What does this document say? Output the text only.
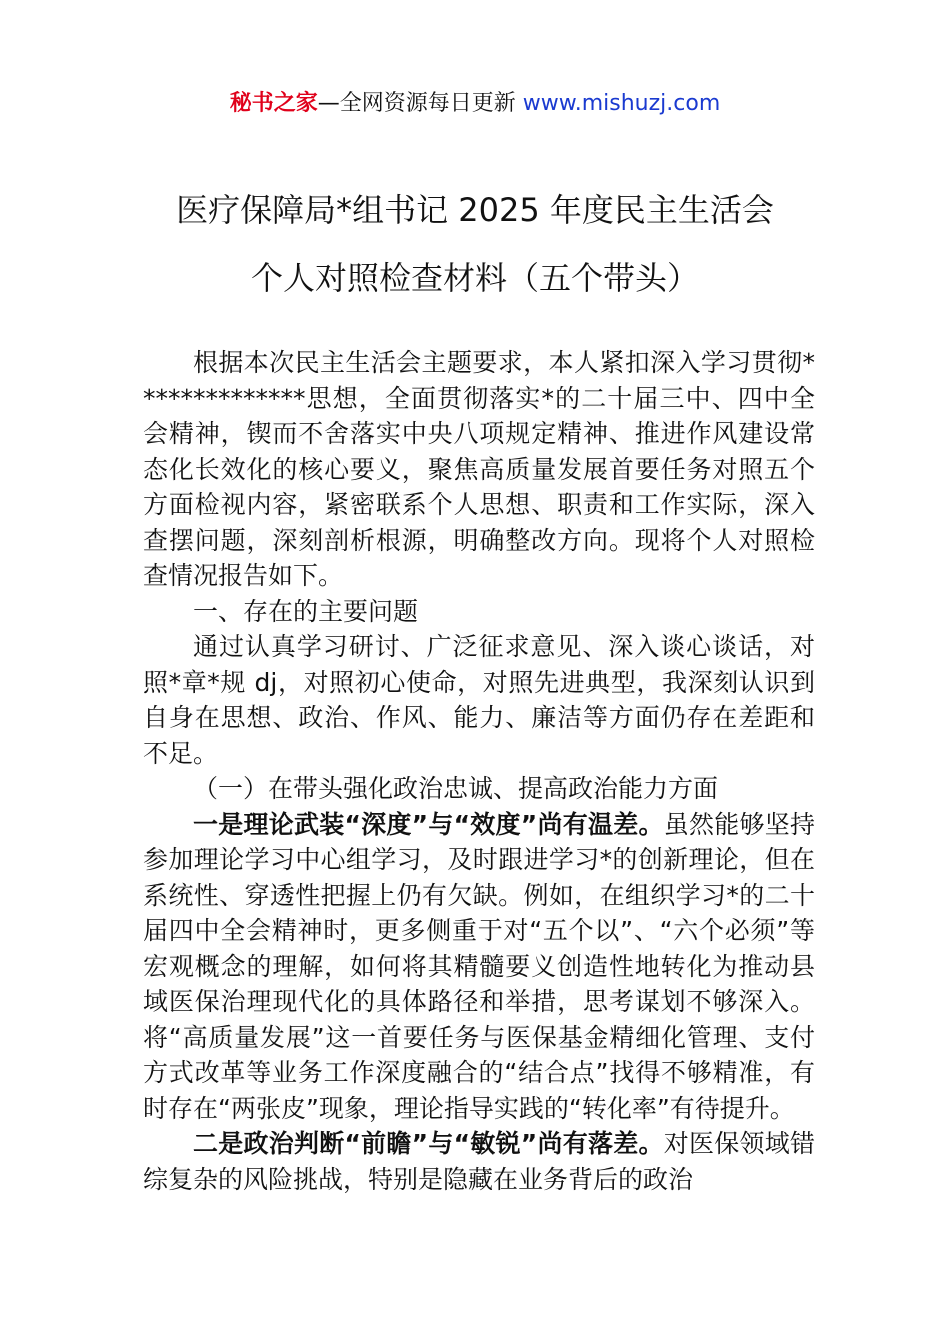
秘书之家—全网资源每日更新 www.mishuzj.com
医疗保障局*组书记 2025 年度民主生活会
个人对照检查材料（五个带头）

根据本次民主生活会主题要求，本人紧扣深入学习贯彻**************思想，全面贯彻落实*的二十届三中、四中全会精神，锲而不舍落实中央八项规定精神、推进作风建设常态化长效化的核心要义，聚焦高质量发展首要任务对照五个方面检视内容，紧密联系个人思想、职责和工作实际，深入查摆问题，深刻剖析根源，明确整改方向。现将个人对照检查情况报告如下。

一、存在的主要问题

通过认真学习研讨、广泛征求意见、深入谈心谈话，对照*章*规 dj，对照初心使命，对照先进典型，我深刻认识到自身在思想、政治、作风、能力、廉洁等方面仍存在差距和不足。

（一）在带头强化政治忠诚、提高政治能力方面

一是理论武装“深度”与“效度”尚有温差。虽然能够坚持参加理论学习中心组学习，及时跟进学习*的创新理论，但在系统性、穿透性把握上仍有欠缺。例如，在组织学习*的二十届四中全会精神时，更多侧重于对“五个以”、“六个必须”等宏观概念的理解，如何将其精髓要义创造性地转化为推动县域医保治理现代化的具体路径和举措，思考谋划不够深入。将“高质量发展”这一首要任务与医保基金精细化管理、支付方式改革等业务工作深度融合的“结合点”找得不够精准，有时存在“两张皮”现象，理论指导实践的“转化率”有待提升。

二是政治判断“前瞻”与“敏锐”尚有落差。对医保领域错综复杂的风险挑战，特别是隐藏在业务背后的政治
